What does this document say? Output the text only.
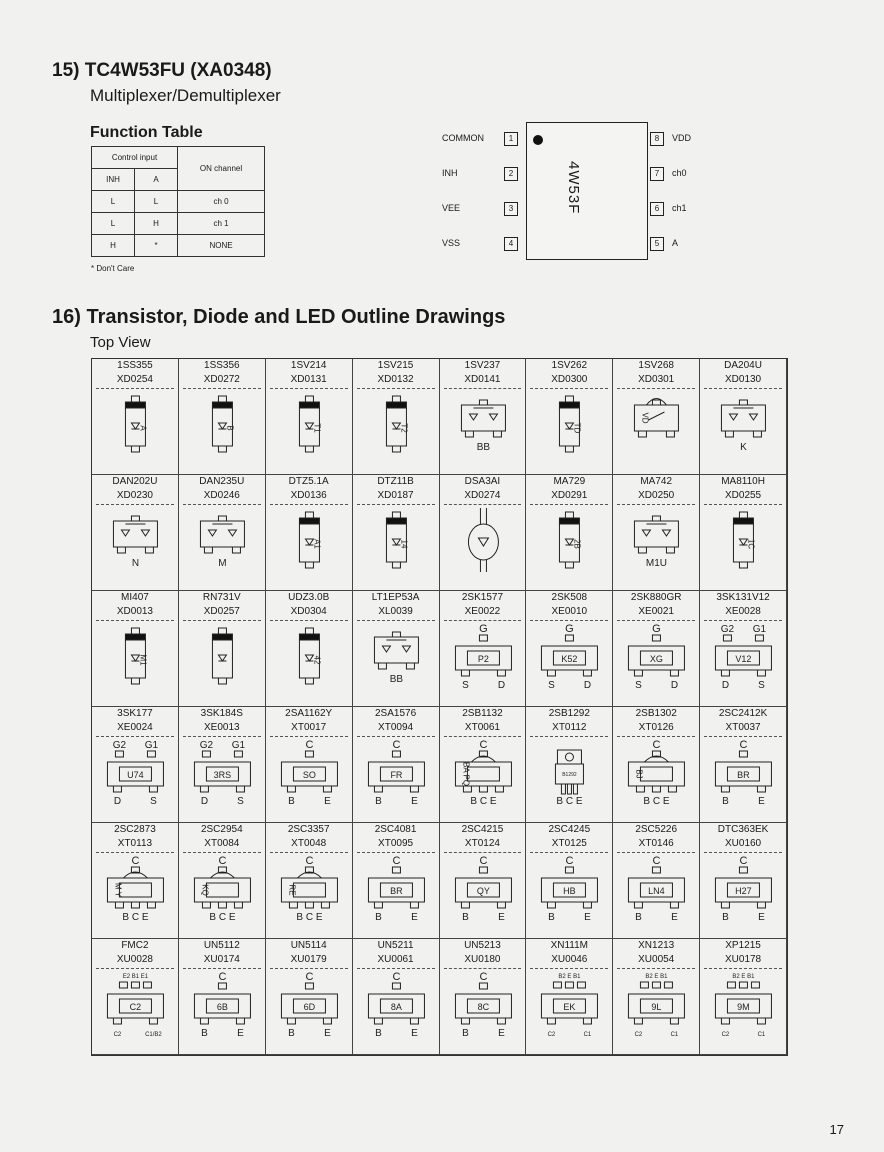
15) TC4W53FU (XA0348)
Multiplexer/Demultiplexer
Function Table
Control input		ON channel
INH	A	
L	L	ch 0
L	H	ch 1
H	*	NONE
* Don't Care
4W53F
COMMON	1
INH	2
VEE	3
VSS	4
8	VDD
7	ch0
6	ch1
5	A
16) Transistor, Diode and LED Outline Drawings
Top View
1SS355
XD0254
A
1SS356
XD0272
B
1SV214
XD0131
T1
1SV215
XD0132
T2
1SV237
XD0141
BB
1SV262
XD0300
TD
1SV268
XD0301
VD
DA204U
XD0130
K
DAN202U
XD0230
N
DAN235U
XD0246
M
DTZ5.1A
XD0136
A1
DTZ11B
XD0187
14
DSA3AI
XD0274
MA729
XD0291
2B
MA742
XD0250
M1U
MA8110H
XD0255
1C
MI407
XD0013
M1
RN731V
XD0257
UDZ3.0B
XD0304
42
LT1EP53A
XL0039
BB
2SK1577
XE0022
G
P2
S	D
2SK508
XE0010
G
K52
S	D
2SK880GR
XE0021
G
XG
S	D
3SK131V12
XE0028
G2 G1
V12
D	S
3SK177
XE0024
G2 G1
U74
D	S
3SK184S
XE0013
G2 G1
3RS
D	S
2SA1162Y
XT0017
C
SO
B	E
2SA1576
XT0094
C
FR
B	E
2SB1132
XT0061
C
BA PQ
B C E
2SB1292
XT0112
B1292
B C E
2SB1302
XT0126
C
BJ
B C E
2SC2412K
XT0037
C
BR
B	E
2SC2873
XT0113
C
M Y
B C E
2SC2954
XT0084
C
KQ
B C E
2SC3357
XT0048
C
RE
B C E
2SC4081
XT0095
C
BR
B	E
2SC4215
XT0124
C
QY
B	E
2SC4245
XT0125
C
HB
B	E
2SC5226
XT0146
C
LN4
B	E
DTC363EK
XU0160
C
H27
B	E
FMC2
XU0028
E2 B1 E1
C2
C2	C1/B2
UN5112
XU0174
C
6B
B	E
UN5114
XU0179
C
6D
B	E
UN5211
XU0061
C
8A
B	E
UN5213
XU0180
C
8C
B	E
XN111M
XU0046
B2 E B1
EK
C2	C1
XN1213
XU0054
B2 E B1
9L
C2	C1
XP1215
XU0178
B2 E B1
9M
C2	C1
17
